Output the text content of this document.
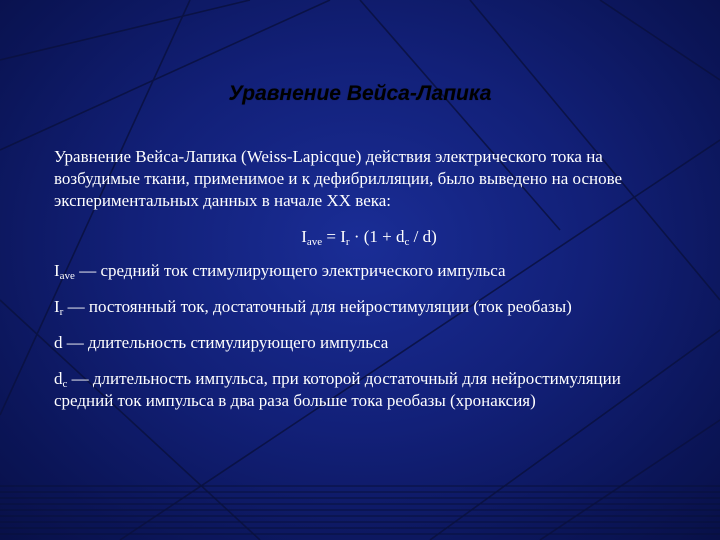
Уравнение Вейса-Лапика

Уравнение Вейса-Лапика (Weiss-Lapicque) действия электрического тока на возбудимые ткани, применимое и к дефибрилляции, было выведено на основе экспериментальных данных в начале XX века:

$I_{ave} = I_r \cdot (1 + d_c / d)$

$I_{ave}$ — средний ток стимулирующего электрического импульса

$I_r$ — постоянный ток, достаточный для нейростимуляции (ток реобазы)

d — длительность стимулирующего импульса

$d_c$ — длительность импульса, при которой достаточный для нейростимуляции средний ток импульса в два раза больше тока реобазы (хронаксия)
